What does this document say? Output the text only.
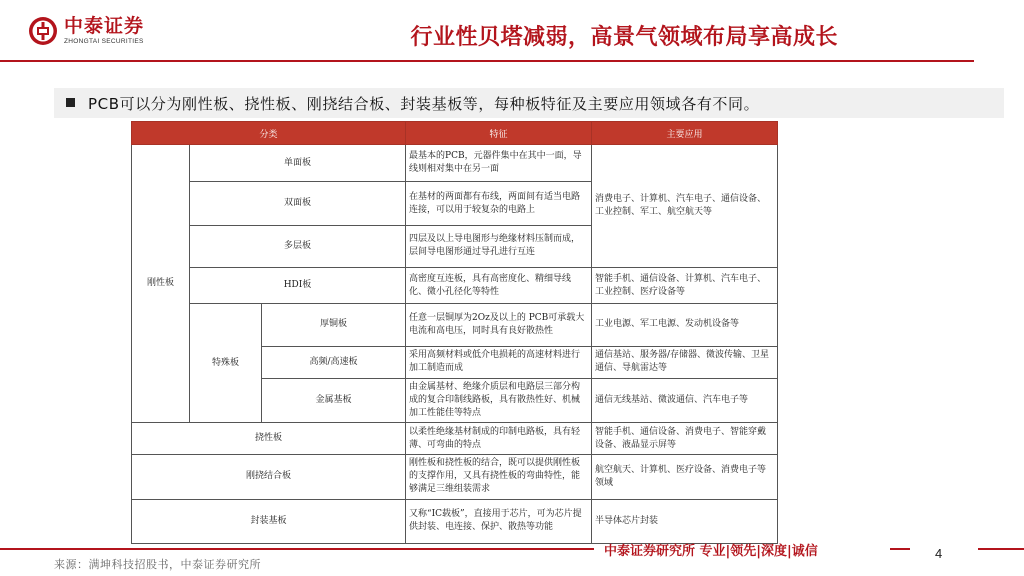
中泰证券
ZHONGTAI SECURITIES	行业性贝塔减弱，高景气领域布局享高成长
PCB可以分为刚性板、挠性板、刚挠结合板、封装基板等，每种板特征及主要应用领域各有不同。
分类			特征	主要应用
刚性板	单面板		最基本的PCB，元器件集中在其中一面，导线则相对集中在另一面	消费电子、计算机、汽车电子、通信设备、工业控制、军工、航空航天等
	双面板		在基材的两面都有布线，两面间有适当电路连接，可以用于较复杂的电路上	
	多层板		四层及以上导电图形与绝缘材料压制而成，层间导电图形通过导孔进行互连	
	HDI板		高密度互连板，具有高密度化、精细导线化、微小孔径化等特性	智能手机、通信设备、计算机、汽车电子、工业控制、医疗设备等
	特殊板	厚铜板	任意一层铜厚为2Oz及以上的 PCB可承载大电流和高电压，同时具有良好散热性	工业电源、军工电源、发动机设备等
		高频/高速板	采用高频材料或低介电损耗的高速材料进行加工制造而成	通信基站、服务器/存储器、微波传输、卫星通信、导航雷达等
		金属基板	由金属基材、绝缘介质层和电路层三部分构成的复合印制线路板，具有散热性好、机械加工性能佳等特点	通信无线基站、微波通信、汽车电子等
挠性板			以柔性绝缘基材制成的印制电路板，具有轻薄、可弯曲的特点	智能手机、通信设备、消费电子、智能穿戴设备、液晶显示屏等
刚挠结合板			刚性板和挠性板的结合，既可以提供刚性板的支撑作用，又具有挠性板的弯曲特性，能够满足三维组装需求	航空航天、计算机、医疗设备、消费电子等领域
封装基板			又称“IC载板”，直接用于芯片，可为芯片提供封装、电连接、保护、散热等功能	半导体芯片封装
中泰证券研究所 专业|领先|深度|诚信	4
来源：满坤科技招股书，中泰证券研究所
